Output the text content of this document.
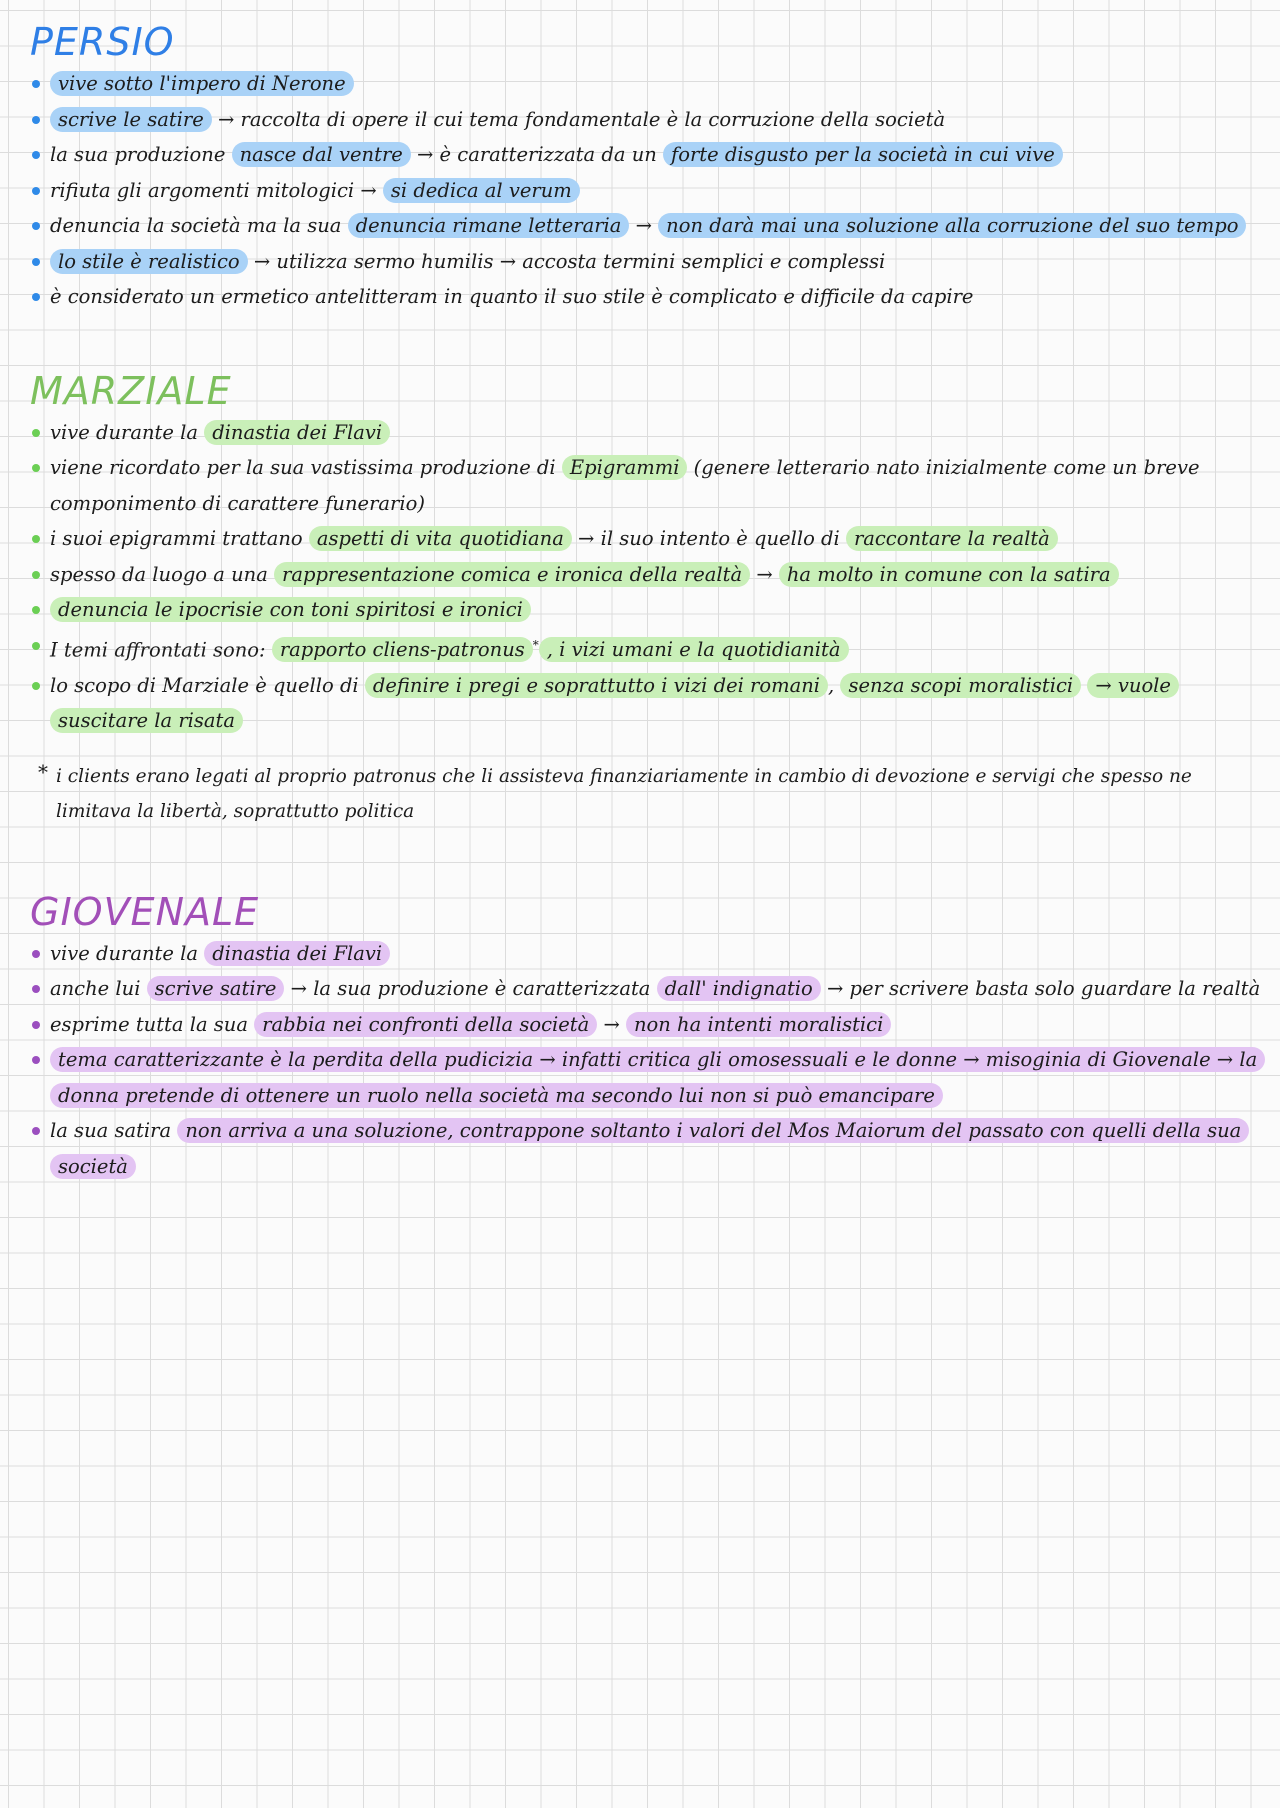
PERSIO
vive sotto l'impero di Nerone
scrive le satire → raccolta di opere il cui tema fondamentale è la corruzione della società
la sua produzione nasce dal ventre → è caratterizzata da un forte disgusto per la società in cui vive
rifiuta gli argomenti mitologici → si dedica al verum
denuncia la società ma la sua denuncia rimane letteraria → non darà mai una soluzione alla corruzione del suo tempo
lo stile è realistico → utilizza sermo humilis → accosta termini semplici e complessi
è considerato un ermetico antelitteram in quanto il suo stile è complicato e difficile da capire
MARZIALE
vive durante la dinastia dei Flavi
viene ricordato per la sua vastissima produzione di Epigrammi (genere letterario nato inizialmente come un breve componimento di carattere funerario)
i suoi epigrammi trattano aspetti di vita quotidiana → il suo intento è quello di raccontare la realtà
spesso da luogo a una rappresentazione comica e ironica della realtà → ha molto in comune con la satira
denuncia le ipocrisie con toni spiritosi e ironici
I temi affrontati sono: rapporto cliens-patronus * , i vizi umani e la quotidianità
lo scopo di Marziale è quello di definire i pregi e soprattutto i vizi dei romani , senza scopi moralistici → vuole suscitare la risata
* i clients erano legati al proprio patronus che li assisteva finanziariamente in cambio di devozione e servigi che spesso ne limitava la libertà, soprattutto politica
GIOVENALE
vive durante la dinastia dei Flavi
anche lui scrive satire → la sua produzione è caratterizzata dall' indignatio → per scrivere basta solo guardare la realtà
esprime tutta la sua rabbia nei confronti della società → non ha intenti moralistici
tema caratterizzante è la perdita della pudicizia → infatti critica gli omosessuali e le donne → misoginia di Giovenale → la donna pretende di ottenere un ruolo nella società ma secondo lui non si può emancipare
la sua satira non arriva a una soluzione, contrappone soltanto i valori del Mos Maiorum del passato con quelli della sua società
